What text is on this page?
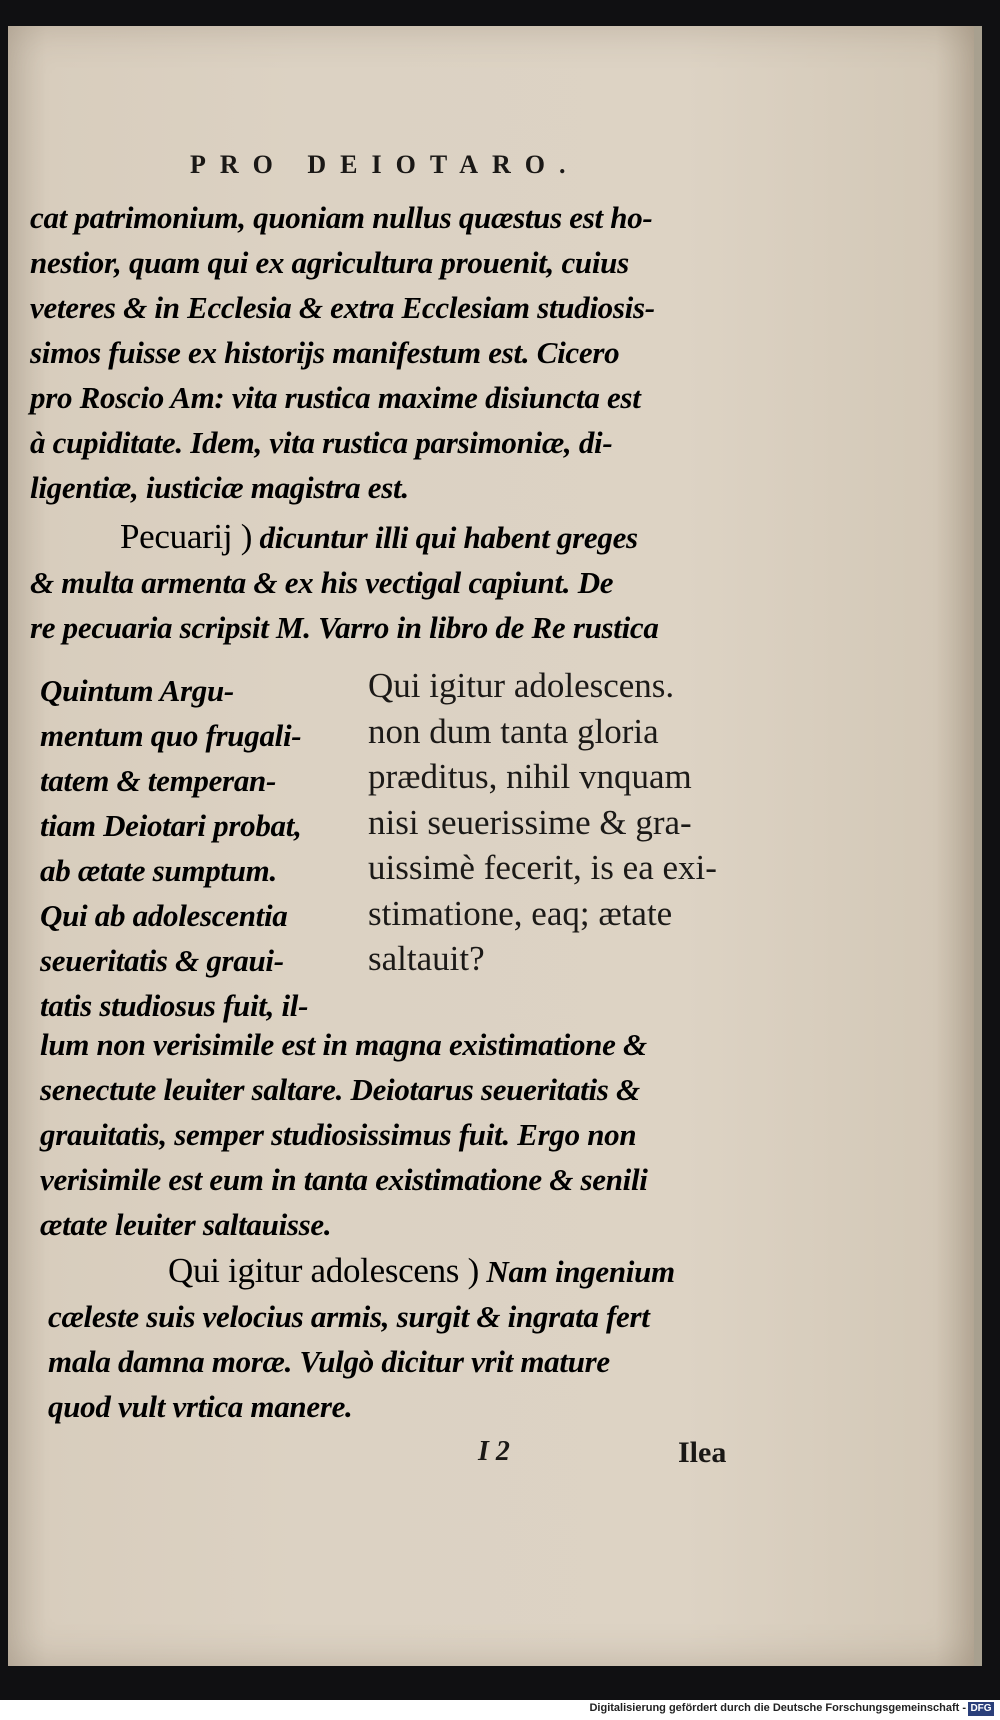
PRO DEIOTARO.
cat patrimonium, quoniam nullus quæstus est ho-
nestior, quam qui ex agricultura prouenit, cuius
veteres & in Ecclesia & extra Ecclesiam studiosis-
simos fuisse ex historijs manifestum est. Cicero
pro Roscio Am: vita rustica maxime disiuncta est
à cupiditate. Idem, vita rustica parsimoniæ, di-
ligentiæ, iusticiæ magistra est.
Pecuarij ) dicuntur illi qui habent greges
& multa armenta & ex his vectigal capiunt. De
re pecuaria scripsit M. Varro in libro de Re rustica
Quintum Argu-
mentum quo frugali-
tatem & temperan-
tiam Deiotari probat,
ab ætate sumptum.
Qui ab adolescentia
seueritatis & graui-
tatis studiosus fuit, il-
Qui igitur adolescens.
non dum tanta gloria
præditus, nihil vnquam
nisi seuerissime & gra-
uissimè fecerit, is ea exi-
stimatione, eaq; ætate
saltauit?
lum non verisimile est in magna existimatione &
senectute leuiter saltare. Deiotarus seueritatis &
grauitatis, semper studiosissimus fuit. Ergo non
verisimile est eum in tanta existimatione & senili
ætate leuiter saltauisse.
Qui igitur adolescens ) Nam ingenium
cæleste suis velocius armis, surgit & ingrata fert
mala damna moræ. Vulgò dicitur vrit mature
quod vult vrtica manere.
I 2	Ilea
Digitalisierung gefördert durch die Deutsche Forschungsgemeinschaft - DFG
